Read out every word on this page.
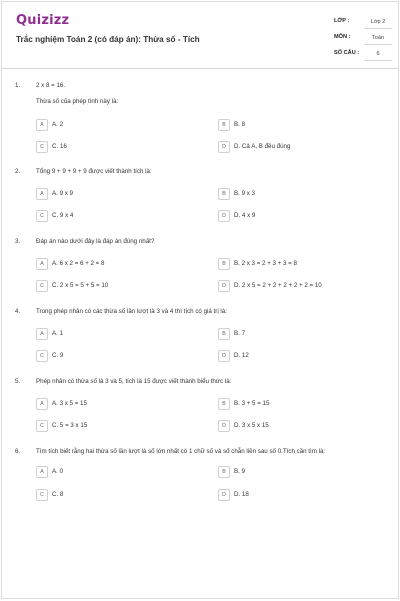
Quizizz
Trắc nghiệm Toán 2 (có đáp án): Thừa số - Tích
LỚP :	Lớp 2
MÔN :	Toán
SỐ CÂU :	6
1.	2 x 8 = 16.
Thừa số của phép tính này là:
A	A. 2	B	B. 8
C	C. 16	D	D. Cả A, B đều đúng
2.	Tổng 9 + 9 + 9 + 9 được viết thành tích là:
A	A. 9 x 9	B	B. 9 x 3
C	C. 9 x 4	D	D. 4 x 9
3.	Đáp án nào dưới đây là đáp án đúng nhất?
A	A. 6 x 2 = 6 + 2 = 8	B	B. 2 x 3 = 2 + 3 + 3 = 8
C	C. 2 x 5 = 5 + 5 = 10	D	D. 2 x 5 = 2 + 2 + 2 + 2 + 2 = 10
4.	Trong phép nhân có các thừa số lần lượt là 3 và 4 thì tích có giá trị là:
A	A. 1	B	B. 7
C	C. 9	D	D. 12
5.	Phép nhân có thừa số là 3 và 5, tích là 15 được viết thành biểu thức là:
A	A. 3 x 5 = 15	B	B. 3 + 5 = 15
C	C. 5 = 3 x 15	D	D. 3 x 5 x 15
6.	Tìm tích biết rằng hai thừa số lần lượt là số lớn nhất có 1 chữ số và số chẵn liền sau số 0.Tích cần tìm là:
A	A. 0	B	B. 9
C	C. 8	D	D. 18
